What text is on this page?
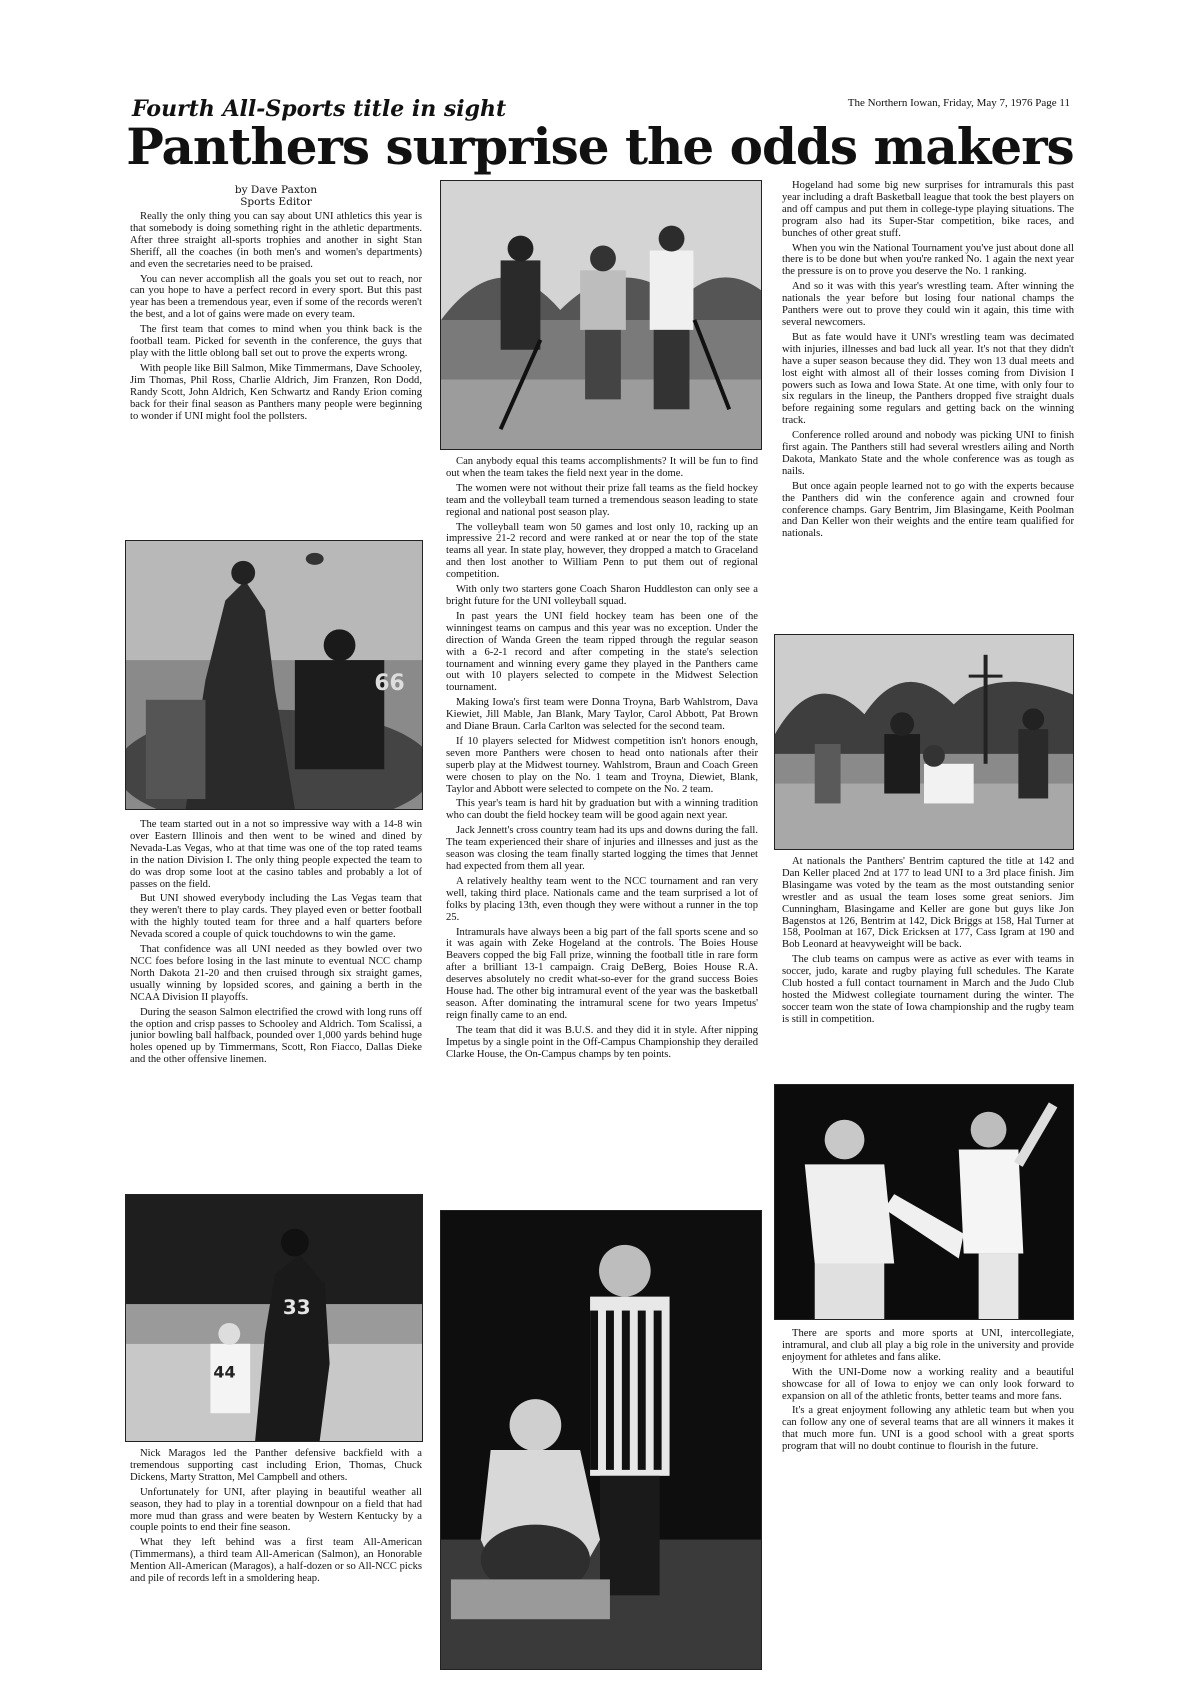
Fourth All-Sports title in sight	The Northern Iowan, Friday, May 7, 1976 Page 11
Panthers surprise the odds makers
by Dave Paxton
Sports Editor

Really the only thing you can say about UNI athletics this year is that somebody is doing something right in the athletic departments. After three straight all-sports trophies and another in sight Stan Sheriff, all the coaches (in both men's and women's departments) and even the secretaries need to be praised.

You can never accomplish all the goals you set out to reach, nor can you hope to have a perfect record in every sport. But this past year has been a tremendous year, even if some of the records weren't the best, and a lot of gains were made on every team.

The first team that comes to mind when you think back is the football team. Picked for seventh in the conference, the guys that play with the little oblong ball set out to prove the experts wrong.

With people like Bill Salmon, Mike Timmermans, Dave Schooley, Jim Thomas, Phil Ross, Charlie Aldrich, Jim Franzen, Ron Dodd, Randy Scott, John Aldrich, Ken Schwartz and Randy Erion coming back for their final season as Panthers many people were beginning to wonder if UNI might fool the pollsters.

66

The team started out in a not so impressive way with a 14-8 win over Eastern Illinois and then went to be wined and dined by Nevada-Las Vegas, who at that time was one of the top rated teams in the nation Division I. The only thing people expected the team to do was drop some loot at the casino tables and probably a lot of passes on the field.

But UNI showed everybody including the Las Vegas team that they weren't there to play cards. They played even or better football with the highly touted team for three and a half quarters before Nevada scored a couple of quick touchdowns to win the game.

That confidence was all UNI needed as they bowled over two NCC foes before losing in the last minute to eventual NCC champ North Dakota 21-20 and then cruised through six straight games, usually winning by lopsided scores, and gaining a berth in the NCAA Division II playoffs.

During the season Salmon electrified the crowd with long runs off the option and crisp passes to Schooley and Aldrich. Tom Scalissi, a junior bowling ball halfback, pounded over 1,000 yards behind huge holes opened up by Timmermans, Scott, Ron Fiacco, Dallas Dieke and the other offensive linemen.

33
44

Nick Maragos led the Panther defensive backfield with a tremendous supporting cast including Erion, Thomas, Chuck Dickens, Marty Stratton, Mel Campbell and others.

Unfortunately for UNI, after playing in beautiful weather all season, they had to play in a torential downpour on a field that had more mud than grass and were beaten by Western Kentucky by a couple points to end their fine season.

What they left behind was a first team All-American (Timmermans), a third team All-American (Salmon), an Honorable Mention All-American (Maragos), a half-dozen or so All-NCC picks and pile of records left in a smoldering heap.

Can anybody equal this teams accomplishments? It will be fun to find out when the team takes the field next year in the dome.

The women were not without their prize fall teams as the field hockey team and the volleyball team turned a tremendous season leading to state regional and national post season play.

The volleyball team won 50 games and lost only 10, racking up an impressive 21-2 record and were ranked at or near the top of the state teams all year. In state play, however, they dropped a match to Graceland and then lost another to William Penn to put them out of regional competition.

With only two starters gone Coach Sharon Huddleston can only see a bright future for the UNI volleyball squad.

In past years the UNI field hockey team has been one of the winningest teams on campus and this year was no exception. Under the direction of Wanda Green the team ripped through the regular season with a 6-2-1 record and after competing in the state's selection tournament and winning every game they played in the Panthers came out with 10 players selected to compete in the Midwest Selection tournament.

Making Iowa's first team were Donna Troyna, Barb Wahlstrom, Dava Kiewiet, Jill Mable, Jan Blank, Mary Taylor, Carol Abbott, Pat Brown and Diane Braun. Carla Carlton was selected for the second team.

If 10 players selected for Midwest competition isn't honors enough, seven more Panthers were chosen to head onto nationals after their superb play at the Midwest tourney. Wahlstrom, Braun and Coach Green were chosen to play on the No. 1 team and Troyna, Diewiet, Blank, Taylor and Abbott were selected to compete on the No. 2 team.

This year's team is hard hit by graduation but with a winning tradition who can doubt the field hockey team will be good again next year.

Jack Jennett's cross country team had its ups and downs during the fall. The team experienced their share of injuries and illnesses and just as the season was closing the team finally started logging the times that Jennet had expected from them all year.

A relatively healthy team went to the NCC tournament and ran very well, taking third place. Nationals came and the team surprised a lot of folks by placing 13th, even though they were without a runner in the top 25.

Intramurals have always been a big part of the fall sports scene and so it was again with Zeke Hogeland at the controls. The Boies House Beavers copped the big Fall prize, winning the football title in rare form after a brilliant 13-1 campaign. Craig DeBerg, Boies House R.A. deserves absolutely no credit what-so-ever for the grand success Boies House had. The other big intramural event of the year was the basketball season. After dominating the intramural scene for two years Impetus' reign finally came to an end.

The team that did it was B.U.S. and they did it in style. After nipping Impetus by a single point in the Off-Campus Championship they derailed Clarke House, the On-Campus champs by ten points.

Hogeland had some big new surprises for intramurals this past year including a draft Basketball league that took the best players on and off campus and put them in college-type playing situations. The program also had its Super-Star competition, bike races, and bunches of other great stuff.

When you win the National Tournament you've just about done all there is to be done but when you're ranked No. 1 again the next year the pressure is on to prove you deserve the No. 1 ranking.

And so it was with this year's wrestling team. After winning the nationals the year before but losing four national champs the Panthers were out to prove they could win it again, this time with several newcomers.

But as fate would have it UNI's wrestling team was decimated with injuries, illnesses and bad luck all year. It's not that they didn't have a super season because they did. They won 13 dual meets and lost eight with almost all of their losses coming from Division I powers such as Iowa and Iowa State. At one time, with only four to six regulars in the lineup, the Panthers dropped five straight duals before regaining some regulars and getting back on the winning track.

Conference rolled around and nobody was picking UNI to finish first again. The Panthers still had several wrestlers ailing and North Dakota, Mankato State and the whole conference was as tough as nails.

But once again people learned not to go with the experts because the Panthers did win the conference again and crowned four conference champs. Gary Bentrim, Jim Blasingame, Keith Poolman and Dan Keller won their weights and the entire team qualified for nationals.

At nationals the Panthers' Bentrim captured the title at 142 and Dan Keller placed 2nd at 177 to lead UNI to a 3rd place finish. Jim Blasingame was voted by the team as the most outstanding senior wrestler and as usual the team loses some great seniors. Jim Cunningham, Blasingame and Keller are gone but guys like Jon Bagenstos at 126, Bentrim at 142, Dick Briggs at 158, Hal Turner at 158, Poolman at 167, Dick Ericksen at 177, Cass Igram at 190 and Bob Leonard at heavyweight will be back.

The club teams on campus were as active as ever with teams in soccer, judo, karate and rugby playing full schedules. The Karate Club hosted a full contact tournament in March and the Judo Club hosted the Midwest collegiate tournament during the winter. The soccer team won the state of Iowa championship and the rugby team is still in competition.

There are sports and more sports at UNI, intercollegiate, intramural, and club all play a big role in the university and provide enjoyment for athletes and fans alike.

With the UNI-Dome now a working reality and a beautiful showcase for all of Iowa to enjoy we can only look forward to expansion on all of the athletic fronts, better teams and more fans.

It's a great enjoyment following any athletic team but when you can follow any one of several teams that are all winners it makes it that much more fun. UNI is a good school with a great sports program that will no doubt continue to flourish in the future.
